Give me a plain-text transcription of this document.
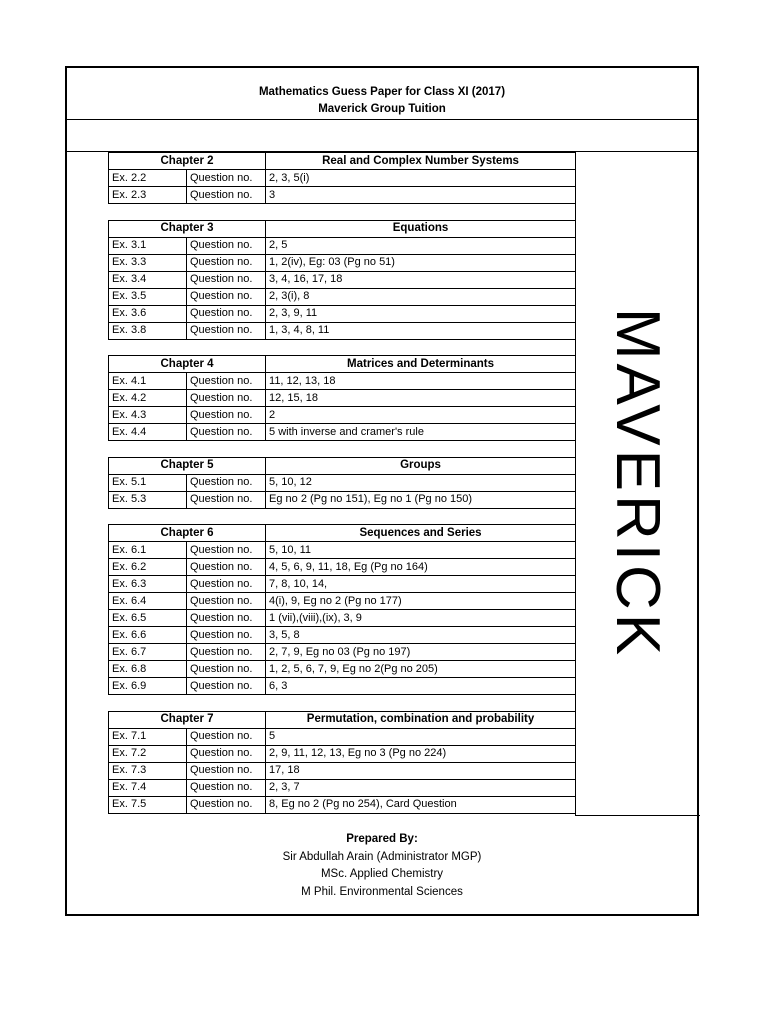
Mathematics Guess Paper for Class XI (2017)
Maverick Group Tuition
Chapter 2		Real and Complex Number Systems
Ex. 2.2	Question no.	2, 3, 5(i)
Ex. 2.3	Question no.	3

Chapter 3		Equations
Ex. 3.1	Question no.	2, 5
Ex. 3.3	Question no.	1, 2(iv), Eg: 03 (Pg no 51)
Ex. 3.4	Question no.	3, 4, 16, 17, 18
Ex. 3.5	Question no.	2, 3(i), 8
Ex. 3.6	Question no.	2, 3, 9, 11
Ex. 3.8	Question no.	1, 3, 4, 8, 11

Chapter 4		Matrices and Determinants
Ex. 4.1	Question no.	11, 12, 13, 18
Ex. 4.2	Question no.	12, 15, 18
Ex. 4.3	Question no.	2
Ex. 4.4	Question no.	5 with inverse and cramer's rule

Chapter 5		Groups
Ex. 5.1	Question no.	5, 10, 12
Ex. 5.3	Question no.	Eg no 2 (Pg no 151), Eg no 1 (Pg no 150)

Chapter 6		Sequences and Series
Ex. 6.1	Question no.	5, 10, 11
Ex. 6.2	Question no.	4, 5, 6, 9, 11, 18, Eg (Pg no 164)
Ex. 6.3	Question no.	7, 8, 10, 14,
Ex. 6.4	Question no.	4(i), 9, Eg no 2 (Pg no 177)
Ex. 6.5	Question no.	1 (vii),(viii),(ix), 3, 9
Ex. 6.6	Question no.	3, 5, 8
Ex. 6.7	Question no.	2, 7, 9, Eg no 03 (Pg no 197)
Ex. 6.8	Question no.	1, 2, 5, 6, 7, 9, Eg no 2(Pg no 205)
Ex. 6.9	Question no.	6, 3

Chapter 7		Permutation, combination and probability
Ex. 7.1	Question no.	5
Ex. 7.2	Question no.	2, 9, 11, 12, 13, Eg no 3 (Pg no 224)
Ex. 7.3	Question no.	17, 18
Ex. 7.4	Question no.	2, 3, 7
Ex. 7.5	Question no.	8, Eg no 2 (Pg no 254), Card Question

MAVERICK
Prepared By:
Sir Abdullah Arain (Administrator MGP)
MSc. Applied Chemistry
M Phil. Environmental Sciences
